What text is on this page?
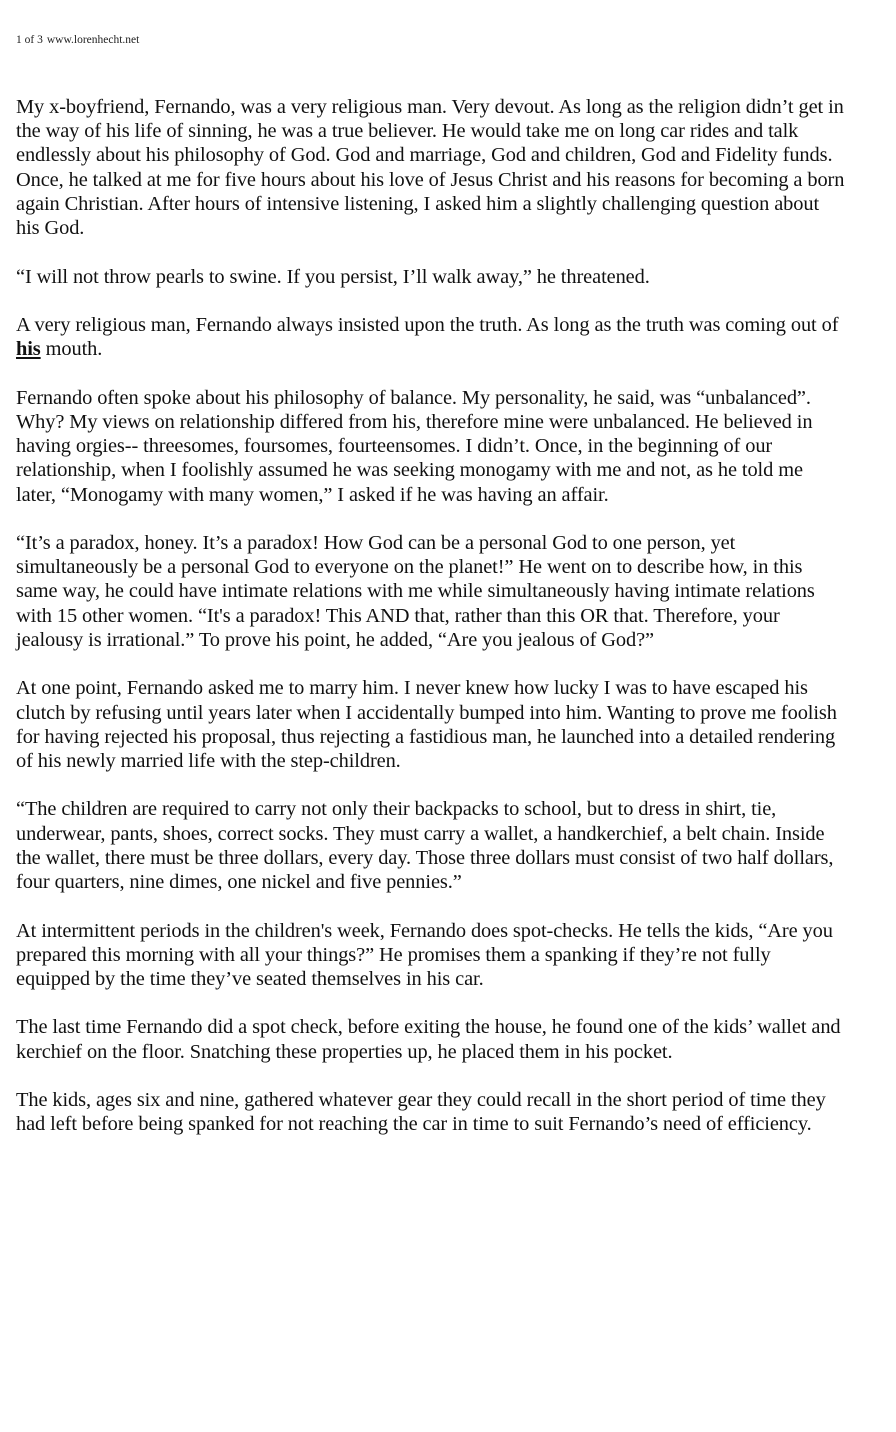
1 of 3 www.lorenhecht.net

My x-boyfriend, Fernando, was a very religious man. Very devout. As long as the religion didn’t get in the way of his life of sinning, he was a true believer. He would take me on long car rides and talk endlessly about his philosophy of God. God and marriage, God and children, God and Fidelity funds. Once, he talked at me for five hours about his love of Jesus Christ and his reasons for becoming a born again Christian. After hours of intensive listening, I asked him a slightly challenging question about his God.

“I will not throw pearls to swine. If you persist, I’ll walk away,” he threatened.

A very religious man, Fernando always insisted upon the truth. As long as the truth was coming out of his mouth.

Fernando often spoke about his philosophy of balance. My personality, he said, was “unbalanced”. Why? My views on relationship differed from his, therefore mine were unbalanced. He believed in having orgies-- threesomes, foursomes, fourteensomes. I didn’t. Once, in the beginning of our relationship, when I foolishly assumed he was seeking monogamy with me and not, as he told me later, “Monogamy with many women,” I asked if he was having an affair.

“It’s a paradox, honey. It’s a paradox! How God can be a personal God to one person, yet simultaneously be a personal God to everyone on the planet!” He went on to describe how, in this same way, he could have intimate relations with me while simultaneously having intimate relations with 15 other women. “It's a paradox! This AND that, rather than this OR that. Therefore, your jealousy is irrational.” To prove his point, he added, “Are you jealous of God?”

At one point, Fernando asked me to marry him. I never knew how lucky I was to have escaped his clutch by refusing until years later when I accidentally bumped into him. Wanting to prove me foolish for having rejected his proposal, thus rejecting a fastidious man, he launched into a detailed rendering of his newly married life with the step-children.

“The children are required to carry not only their backpacks to school, but to dress in shirt, tie, underwear, pants, shoes, correct socks. They must carry a wallet, a handkerchief, a belt chain. Inside the wallet, there must be three dollars, every day. Those three dollars must consist of two half dollars, four quarters, nine dimes, one nickel and five pennies.”

At intermittent periods in the children's week, Fernando does spot-checks. He tells the kids, “Are you prepared this morning with all your things?” He promises them a spanking if they’re not fully equipped by the time they’ve seated themselves in his car.

The last time Fernando did a spot check, before exiting the house, he found one of the kids’ wallet and kerchief on the floor. Snatching these properties up, he placed them in his pocket.

The kids, ages six and nine, gathered whatever gear they could recall in the short period of time they had left before being spanked for not reaching the car in time to suit Fernando’s need of efficiency.
